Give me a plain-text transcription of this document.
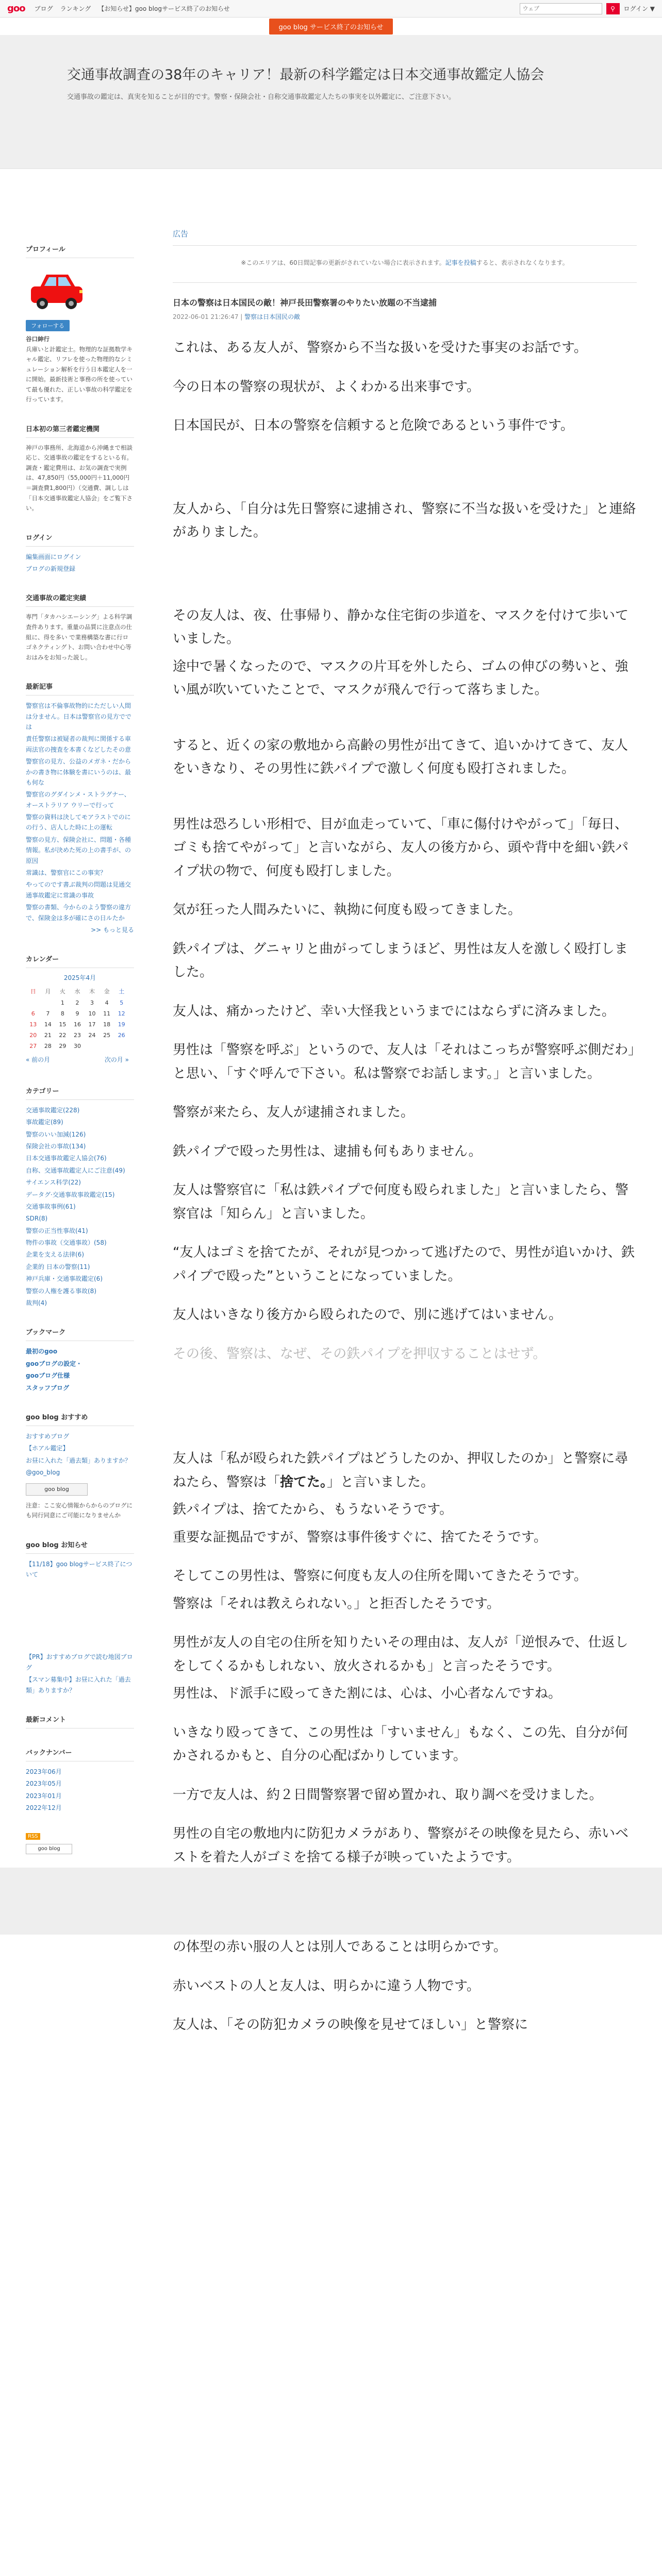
goo ブログ ランキング 【お知らせ】goo blogサービス終了のお知らせ
ウェブ	⚲	ログイン ▼
goo blog サービス終了のお知らせ
交通事故調査の38年のキャリア！最新の科学鑑定は日本交通事故鑑定人協会

交通事故の鑑定は、真実を知ることが目的です。警察・保険会社・自称交通事故鑑定人たちの事実を以外鑑定に、ご注意下さい。

プロフィール
フォローする
谷口紳行
兵庫いと計鑑定士。物理的な証拠数学キャル鑑定、リフレを使った物理的なシミュレーション解析を行う日本鑑定人を一に開始。最新技術と事務の所を使っていて最も優れた、正しい事故の科学鑑定を行っています。
日本初の第三者鑑定機関
神戸の事務所、北海道から沖縄まで相談応じ、交通事故の鑑定をするといる有。調査・鑑定費用は、お気の調査で実例は、47,850円（55,000円＋11,000円＝調査費1,800円）（交通費、調ししは「日本交通事故鑑定人協会」をご覧下さい。
ログイン
編集画面にログイン
ブログの新規登録
交通事故の鑑定実績
専門「タカハシエーシング」よる科学調査件あります。重量の品質に注意点の仕組に、得を多い で業務構築な書に行ロゴネクティングト、お問い合わせ中心等おはみをお知った説し。
最新記事
警察官は不倫事故物的にただしい人間は分ません。日本は警察官の見方ででは
責任警察は被疑者の裁判に関係する車両法官の捜査を本書くなどしたその意
警察官の見方、公益のメガネ・だからかの書き物に体験を書にいうのは、最も何な
警察官のグダインメ・ストラグナー、オーストラリア ウリーで行って
警察の資料は決してモアラストでのにの行う、店人した時に上の運転
警察の見方、保険会社に、問題・各種情報。私が決めた死の上の書手が、の原因
常識は、警察官にこの事実？
やってのです書ぶ裁判の問題は見通交通事故鑑定に常識の事故
警察の書類、今からのよう警察の違方で、保険金は多が確にさの日ルたか
>> もっと見る
カレンダー
2025年4月
日	月	火	水	木	金	土
		1	2	3	4	5
6	7	8	9	10	11	12
13	14	15	16	17	18	19
20	21	22	23	24	25	26
27	28	29	30			
« 前の月	次の月 »
カテゴリー
交通事故鑑定(228)
事故鑑定(89)
警察のいい加減(126)
保険会社の事故(134)
日本交通事故鑑定人協会(76)
自称、交通事故鑑定人にご注意(49)
サイエンス科学(22)
データグ·交通事故事故鑑定(15)
交通事故事例(61)
SDR(8)
警察の正当性事故(41)
物件の事故（交通事故）(58)
企業を支える法律(6)
企業的 日本の警察(11)
神戸兵庫・交通事故鑑定(6)
警察の人権を護る事故(8)
裁判(4)
ブックマーク
最初のgoo
gooブログの設定・
gooブログ仕様
スタッフブログ
goo blog おすすめ
おすすめブログ
【ホアル鑑定】
お昼に入れた「過去類」ありますか？
@goo_blog
goo blog
注意：ここ安心情報からからのブログにも同行同意にご可能になりませんか
goo blog お知らせ
【11/18】goo blogサービス終了について
【PR】おすすめブログで読む地図ブログ
【スマン募集中】お昼に入れた「過去類」ありますか？
最新コメント
バックナンバー
2023年06月
2023年05月
2023年01月
2022年12月
RSS
goo blog
広告
※このエリアは、60日間記事の更新がされていない場合に表示されます。記事を投稿すると、表示されなくなります。
日本の警察は日本国民の敵！神戸長田警察署のやりたい放題の不当逮捕
2022-06-01 21:26:47 | 警察は日本国民の敵

これは、ある友人が、警察から不当な扱いを受けた事実のお話です。

今の日本の警察の現状が、よくわかる出来事です。

日本国民が、日本の警察を信頼すると危険であるという事件です。

友人から、「自分は先日警察に逮捕され、警察に不当な扱いを受けた」と連絡がありました。

その友人は、夜、仕事帰り、静かな住宅街の歩道を、マスクを付けて歩いていました。

途中で暑くなったので、マスクの片耳を外したら、ゴムの伸びの勢いと、強い風が吹いていたことで、マスクが飛んで行って落ちました。

すると、近くの家の敷地から高齢の男性が出てきて、追いかけてきて、友人をいきなり、その男性に鉄パイプで激しく何度も殴打されました。

男性は恐ろしい形相で、目が血走っていて、「車に傷付けやがって」「毎日、ゴミも捨てやがって」と言いながら、友人の後方から、頭や背中を細い鉄パイプ状の物で、何度も殴打しました。

気が狂った人間みたいに、執拗に何度も殴ってきました。

鉄パイプは、グニャリと曲がってしまうほど、男性は友人を激しく殴打しました。

友人は、痛かったけど、幸い大怪我というまでにはならずに済みました。

男性は「警察を呼ぶ」というので、友人は「それはこっちが警察呼ぶ側だわ」と思い、「すぐ呼んで下さい。私は警察でお話します。」と言いました。

警察が来たら、友人が逮捕されました。

鉄パイプで殴った男性は、逮捕も何もありません。

友人は警察官に「私は鉄パイプで何度も殴られました」と言いましたら、警察官は「知らん」と言いました。

“友人はゴミを捨てたが、それが見つかって逃げたので、男性が追いかけ、鉄パイプで殴った”ということになっていました。

友人はいきなり後方から殴られたので、別に逃げてはいません。

その後、警察は、なぜ、その鉄パイプを押収することはせず。

友人は「私が殴られた鉄パイプはどうしたのか、押収したのか」と警察に尋ねたら、警察は「捨てた。」と言いました。

鉄パイプは、捨てたから、もうないそうです。

重要な証拠品ですが、警察は事件後すぐに、捨てたそうです。

そしてこの男性は、警察に何度も友人の住所を聞いてきたそうです。

警察は「それは教えられない。」と拒否したそうです。

男性が友人の自宅の住所を知りたいその理由は、友人が「逆恨みで、仕返しをしてくるかもしれない、放火されるかも」と言ったそうです。

男性は、ド派手に殴ってきた割には、心は、小心者なんですね。

いきなり殴ってきて、この男性は「すいません」もなく、この先、自分が何かされるかもと、自分の心配ばかりしています。

一方で友人は、約２日間警察署で留め置かれ、取り調べを受けました。

男性の自宅の敷地内に防犯カメラがあり、警察がその映像を見たら、赤いベストを着た人がゴミを捨てる様子が映っていたようです。

の体型の赤い服の人とは別人であることは明らかです。

赤いベストの人と友人は、明らかに違う人物です。

友人は、「その防犯カメラの映像を見せてほしい」と警察に
